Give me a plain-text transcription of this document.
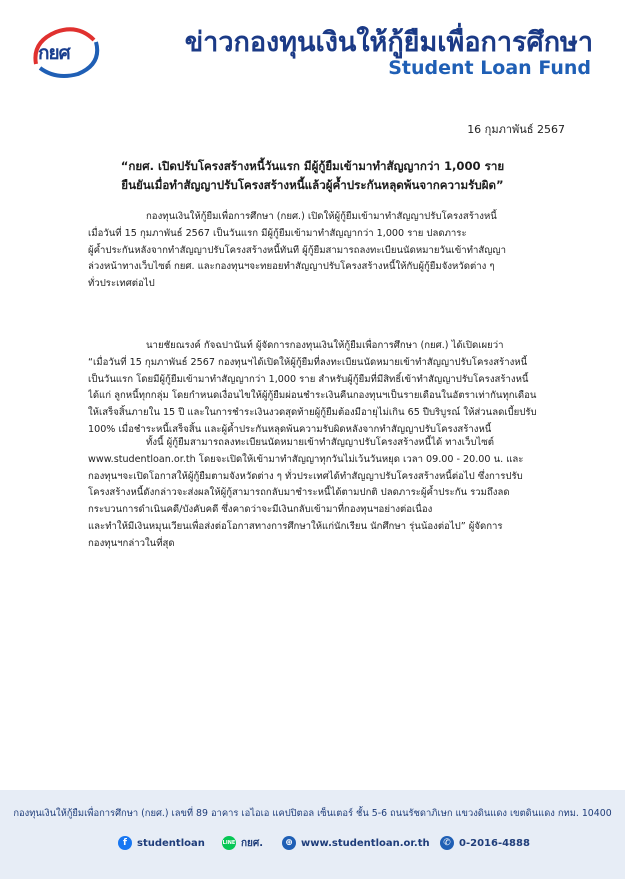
กยศ	ข่าวกองทุนเงินให้กู้ยืมเพื่อการศึกษา
Student Loan Fund
16 กุมภาพันธ์ 2567
“กยศ. เปิดปรับโครงสร้างหนี้วันแรก มีผู้กู้ยืมเข้ามาทำสัญญากว่า 1,000 ราย
ยืนยันเมื่อทำสัญญาปรับโครงสร้างหนี้แล้วผู้ค้ำประกันหลุดพ้นจากความรับผิด”
กองทุนเงินให้กู้ยืมเพื่อการศึกษา (กยศ.) เปิดให้ผู้กู้ยืมเข้ามาทำสัญญาปรับโครงสร้างหนี้
เมื่อวันที่ 15 กุมภาพันธ์ 2567 เป็นวันแรก มีผู้กู้ยืมเข้ามาทำสัญญากว่า 1,000 ราย ปลดภาระ
ผู้ค้ำประกันหลังจากทำสัญญาปรับโครงสร้างหนี้ทันที ผู้กู้ยืมสามารถลงทะเบียนนัดหมายวันเข้าทำสัญญา
ล่วงหน้าทางเว็บไซต์ กยศ. และกองทุนฯจะทยอยทำสัญญาปรับโครงสร้างหนี้ให้กับผู้กู้ยืมจังหวัดต่าง ๆ
ทั่วประเทศต่อไป
นายชัยณรงค์ กัจฉปานันท์ ผู้จัดการกองทุนเงินให้กู้ยืมเพื่อการศึกษา (กยศ.) ได้เปิดเผยว่า
“เมื่อวันที่ 15 กุมภาพันธ์ 2567 กองทุนฯได้เปิดให้ผู้กู้ยืมที่ลงทะเบียนนัดหมายเข้าทำสัญญาปรับโครงสร้างหนี้
เป็นวันแรก โดยมีผู้กู้ยืมเข้ามาทำสัญญากว่า 1,000 ราย สำหรับผู้กู้ยืมที่มีสิทธิ์เข้าทำสัญญาปรับโครงสร้างหนี้
ได้แก่ ลูกหนี้ทุกกลุ่ม โดยกำหนดเงื่อนไขให้ผู้กู้ยืมผ่อนชำระเงินคืนกองทุนฯเป็นรายเดือนในอัตราเท่ากันทุกเดือน
ให้เสร็จสิ้นภายใน 15 ปี และในการชำระเงินงวดสุดท้ายผู้กู้ยืมต้องมีอายุไม่เกิน 65 ปีบริบูรณ์ ให้ส่วนลดเบี้ยปรับ
100% เมื่อชำระหนี้เสร็จสิ้น และผู้ค้ำประกันหลุดพ้นความรับผิดหลังจากทำสัญญาปรับโครงสร้างหนี้
ทั้งนี้ ผู้กู้ยืมสามารถลงทะเบียนนัดหมายเข้าทำสัญญาปรับโครงสร้างหนี้ได้ ทางเว็บไซต์
www.studentloan.or.th โดยจะเปิดให้เข้ามาทำสัญญาทุกวันไม่เว้นวันหยุด เวลา 09.00 - 20.00 น. และ
กองทุนฯจะเปิดโอกาสให้ผู้กู้ยืมตามจังหวัดต่าง ๆ ทั่วประเทศได้ทำสัญญาปรับโครงสร้างหนี้ต่อไป ซึ่งการปรับ
โครงสร้างหนี้ดังกล่าวจะส่งผลให้ผู้กู้สามารถกลับมาชำระหนี้ได้ตามปกติ ปลดภาระผู้ค้ำประกัน รวมถึงลด
กระบวนการดำเนินคดี/บังคับคดี ซึ่งคาดว่าจะมีเงินกลับเข้ามาที่กองทุนฯอย่างต่อเนื่อง
และทำให้มีเงินหมุนเวียนเพื่อส่งต่อโอกาสทางการศึกษาให้แก่นักเรียน นักศึกษา รุ่นน้องต่อไป” ผู้จัดการ
กองทุนฯกล่าวในที่สุด
กองทุนเงินให้กู้ยืมเพื่อการศึกษา (กยศ.) เลขที่ 89 อาคาร เอไอเอ แคปปิตอล เซ็นเตอร์ ชั้น 5-6 ถนนรัชดาภิเษก แขวงดินแดง เขตดินแดง กทม. 10400
f	studentloan	LINE กยศ.	⊕ www.studentloan.or.th	✆ 0-2016-4888
